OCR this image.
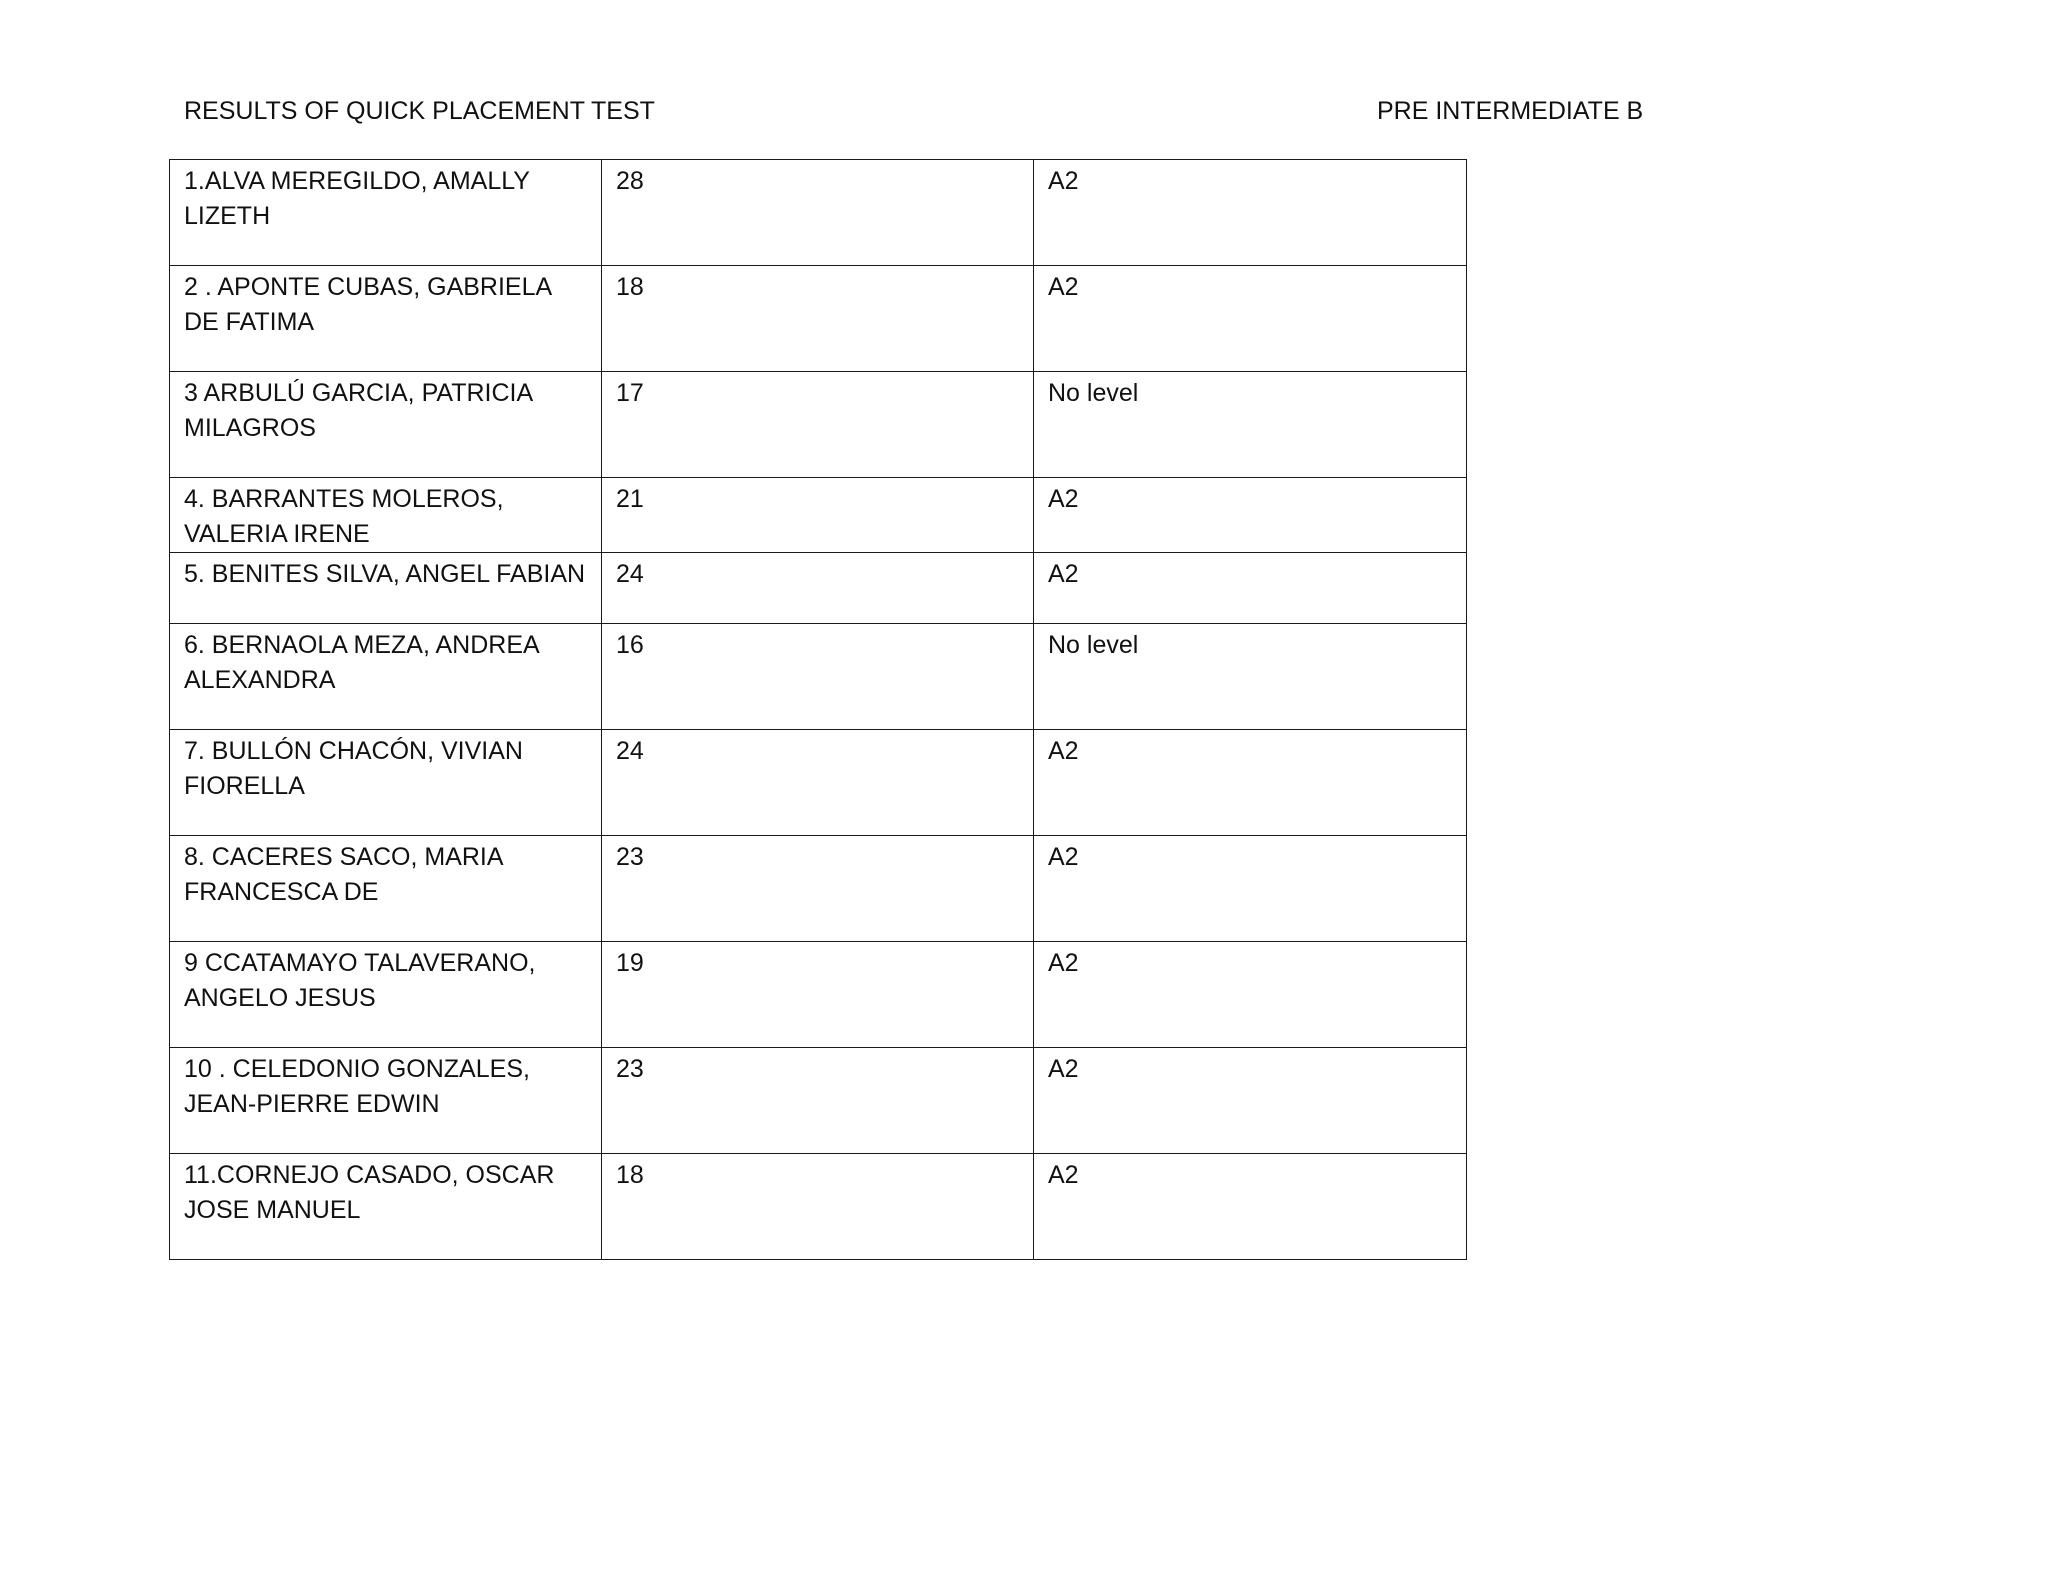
RESULTS OF QUICK PLACEMENT TEST	PRE INTERMEDIATE B
1.ALVA MEREGILDO, AMALLY LIZETH	28	A2
2 . APONTE CUBAS, GABRIELA DE FATIMA	18	A2
3 ARBULÚ GARCIA, PATRICIA MILAGROS	17	No level
4. BARRANTES MOLEROS, VALERIA IRENE	21	A2
5. BENITES SILVA, ANGEL FABIAN	24	A2
6. BERNAOLA MEZA, ANDREA ALEXANDRA	16	No level
7. BULLÓN CHACÓN, VIVIAN FIORELLA	24	A2
8. CACERES SACO, MARIA FRANCESCA DE	23	A2
9 CCATAMAYO TALAVERANO, ANGELO JESUS	19	A2
10 . CELEDONIO GONZALES, JEAN-PIERRE EDWIN	23	A2
11.CORNEJO CASADO, OSCAR JOSE MANUEL	18	A2
